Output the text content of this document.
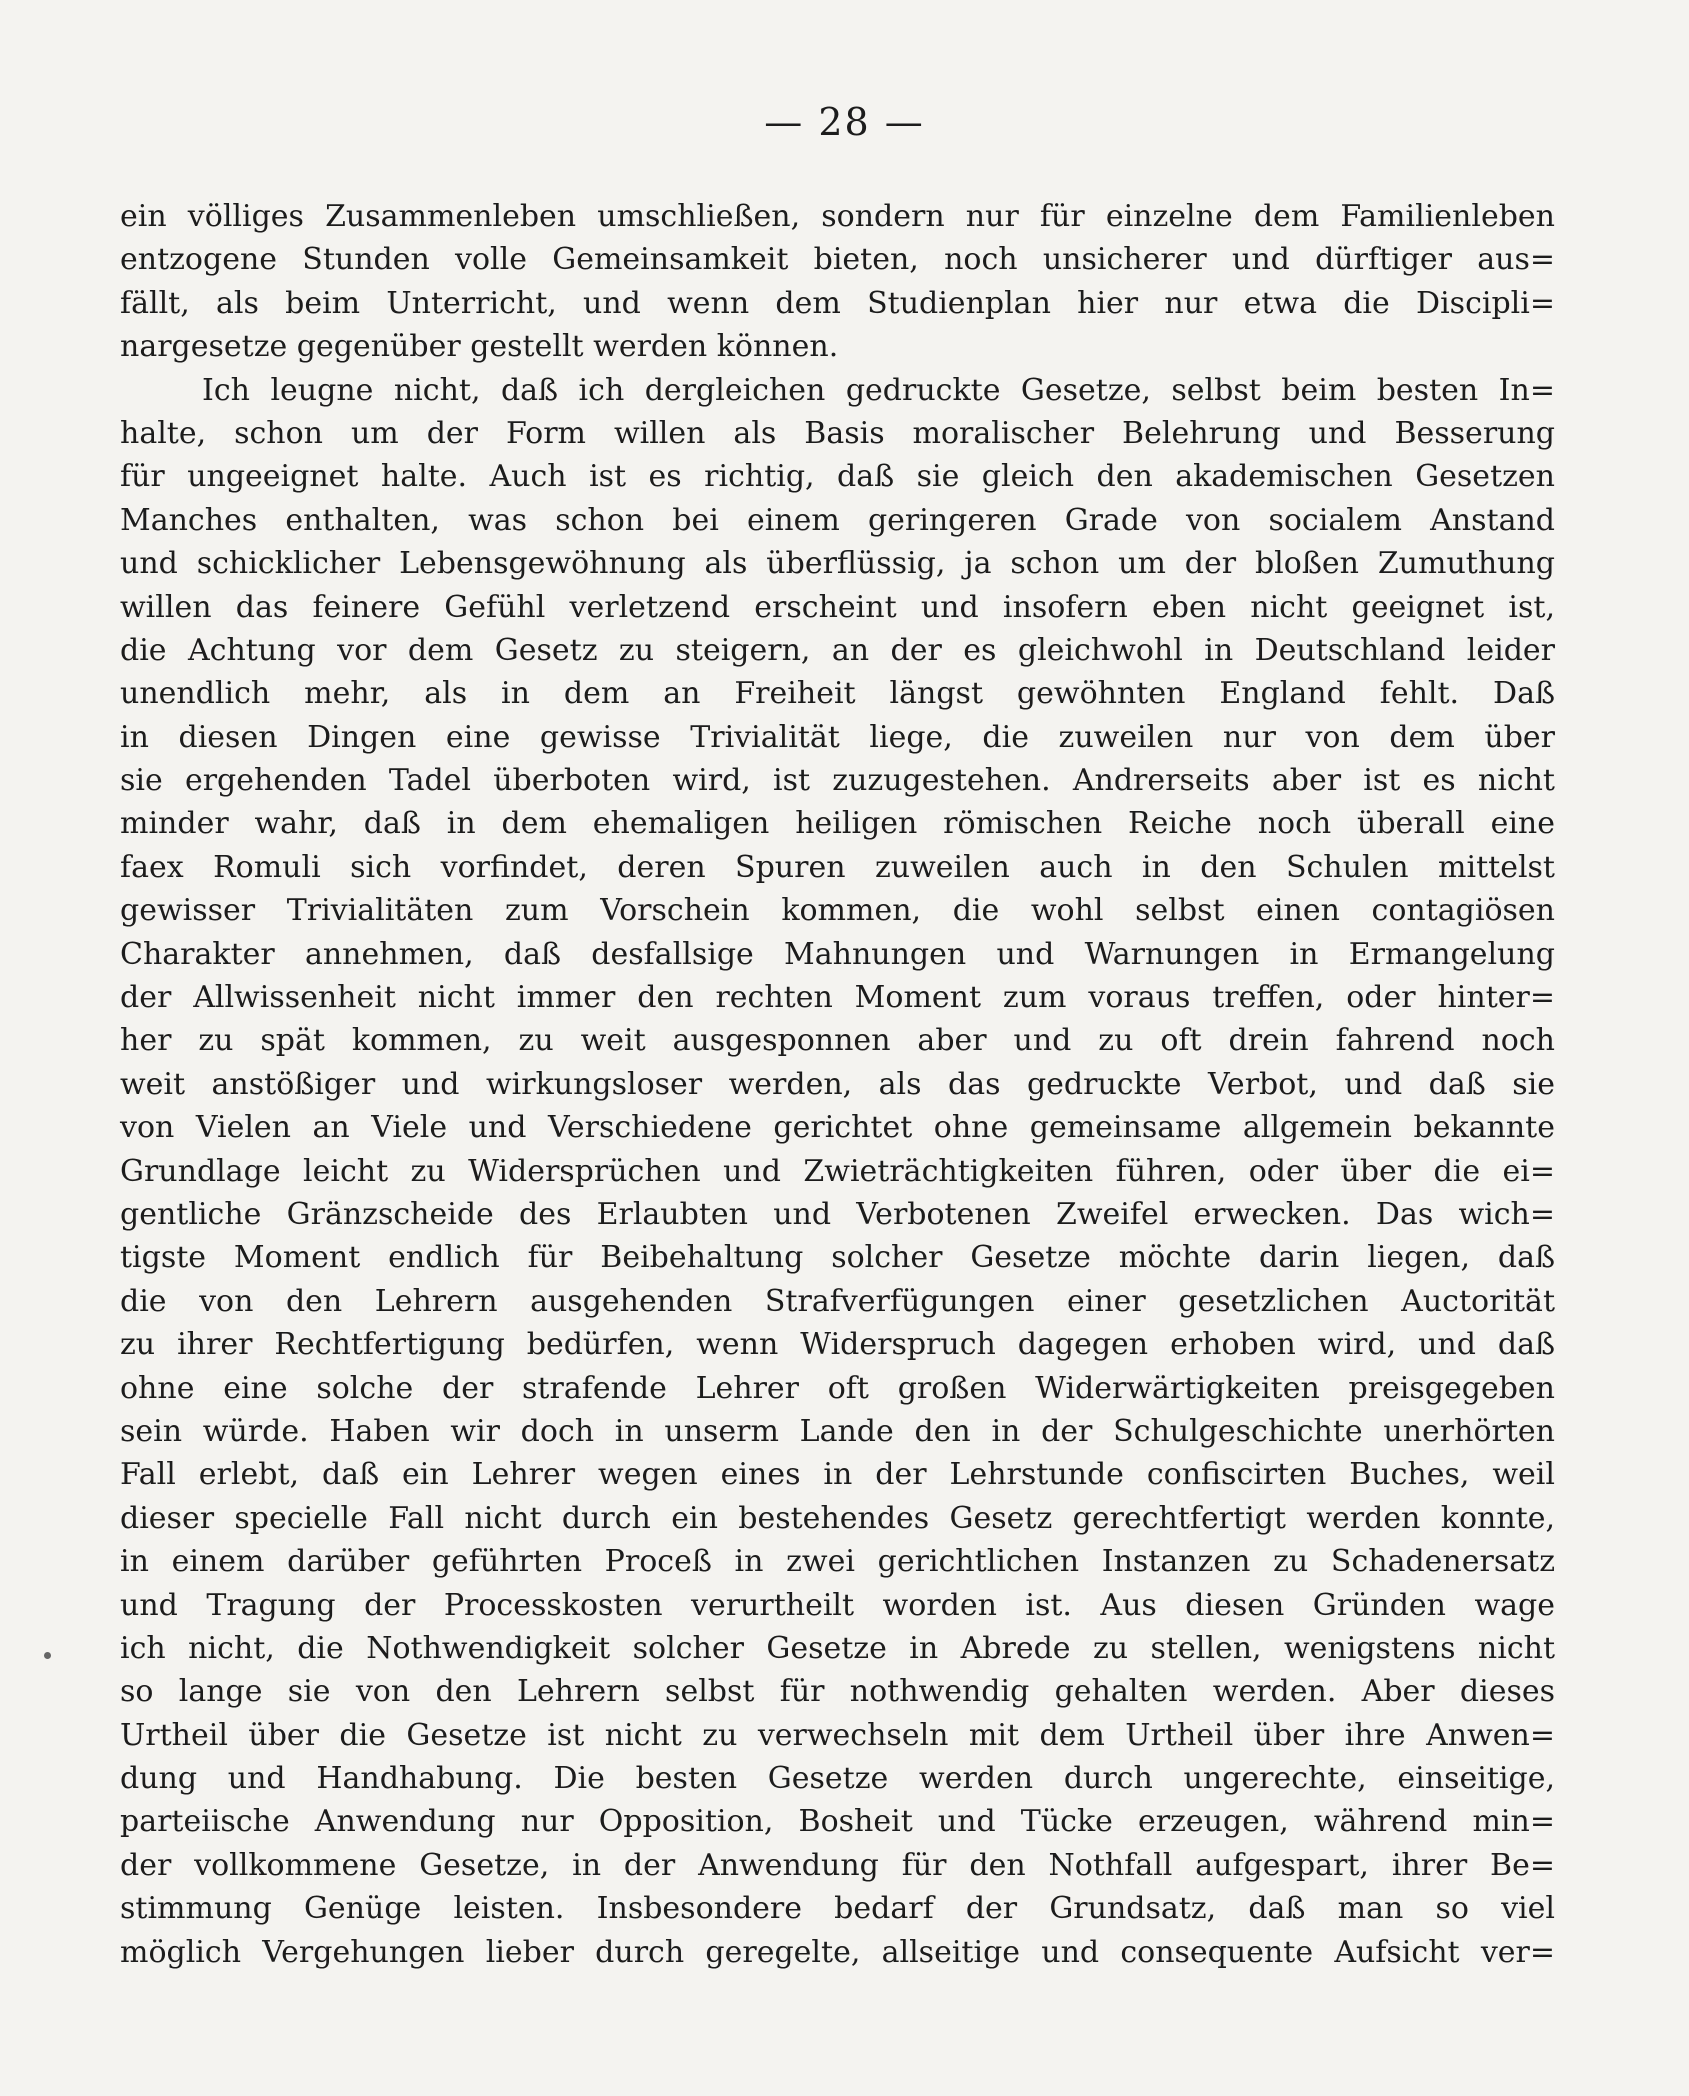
— 28 —
ein völliges Zusammenleben umschließen, sondern nur für einzelne dem Familienleben
entzogene Stunden volle Gemeinsamkeit bieten, noch unsicherer und dürftiger aus=
fällt, als beim Unterricht, und wenn dem Studienplan hier nur etwa die Discipli=
nargesetze gegenüber gestellt werden können.
Ich leugne nicht, daß ich dergleichen gedruckte Gesetze, selbst beim besten In=
halte, schon um der Form willen als Basis moralischer Belehrung und Besserung
für ungeeignet halte. Auch ist es richtig, daß sie gleich den akademischen Gesetzen
Manches enthalten, was schon bei einem geringeren Grade von socialem Anstand
und schicklicher Lebensgewöhnung als überflüssig, ja schon um der bloßen Zumuthung
willen das feinere Gefühl verletzend erscheint und insofern eben nicht geeignet ist,
die Achtung vor dem Gesetz zu steigern, an der es gleichwohl in Deutschland leider
unendlich mehr, als in dem an Freiheit längst gewöhnten England fehlt. Daß
in diesen Dingen eine gewisse Trivialität liege, die zuweilen nur von dem über
sie ergehenden Tadel überboten wird, ist zuzugestehen. Andrerseits aber ist es nicht
minder wahr, daß in dem ehemaligen heiligen römischen Reiche noch überall eine
faex Romuli sich vorfindet, deren Spuren zuweilen auch in den Schulen mittelst
gewisser Trivialitäten zum Vorschein kommen, die wohl selbst einen contagiösen
Charakter annehmen, daß desfallsige Mahnungen und Warnungen in Ermangelung
der Allwissenheit nicht immer den rechten Moment zum voraus treffen, oder hinter=
her zu spät kommen, zu weit ausgesponnen aber und zu oft drein fahrend noch
weit anstößiger und wirkungsloser werden, als das gedruckte Verbot, und daß sie
von Vielen an Viele und Verschiedene gerichtet ohne gemeinsame allgemein bekannte
Grundlage leicht zu Widersprüchen und Zwieträchtigkeiten führen, oder über die ei=
gentliche Gränzscheide des Erlaubten und Verbotenen Zweifel erwecken. Das wich=
tigste Moment endlich für Beibehaltung solcher Gesetze möchte darin liegen, daß
die von den Lehrern ausgehenden Strafverfügungen einer gesetzlichen Auctorität
zu ihrer Rechtfertigung bedürfen, wenn Widerspruch dagegen erhoben wird, und daß
ohne eine solche der strafende Lehrer oft großen Widerwärtigkeiten preisgegeben
sein würde. Haben wir doch in unserm Lande den in der Schulgeschichte unerhörten
Fall erlebt, daß ein Lehrer wegen eines in der Lehrstunde confiscirten Buches, weil
dieser specielle Fall nicht durch ein bestehendes Gesetz gerechtfertigt werden konnte,
in einem darüber geführten Proceß in zwei gerichtlichen Instanzen zu Schadenersatz
und Tragung der Processkosten verurtheilt worden ist. Aus diesen Gründen wage
ich nicht, die Nothwendigkeit solcher Gesetze in Abrede zu stellen, wenigstens nicht
so lange sie von den Lehrern selbst für nothwendig gehalten werden. Aber dieses
Urtheil über die Gesetze ist nicht zu verwechseln mit dem Urtheil über ihre Anwen=
dung und Handhabung. Die besten Gesetze werden durch ungerechte, einseitige,
parteiische Anwendung nur Opposition, Bosheit und Tücke erzeugen, während min=
der vollkommene Gesetze, in der Anwendung für den Nothfall aufgespart, ihrer Be=
stimmung Genüge leisten. Insbesondere bedarf der Grundsatz, daß man so viel
möglich Vergehungen lieber durch geregelte, allseitige und consequente Aufsicht ver=
